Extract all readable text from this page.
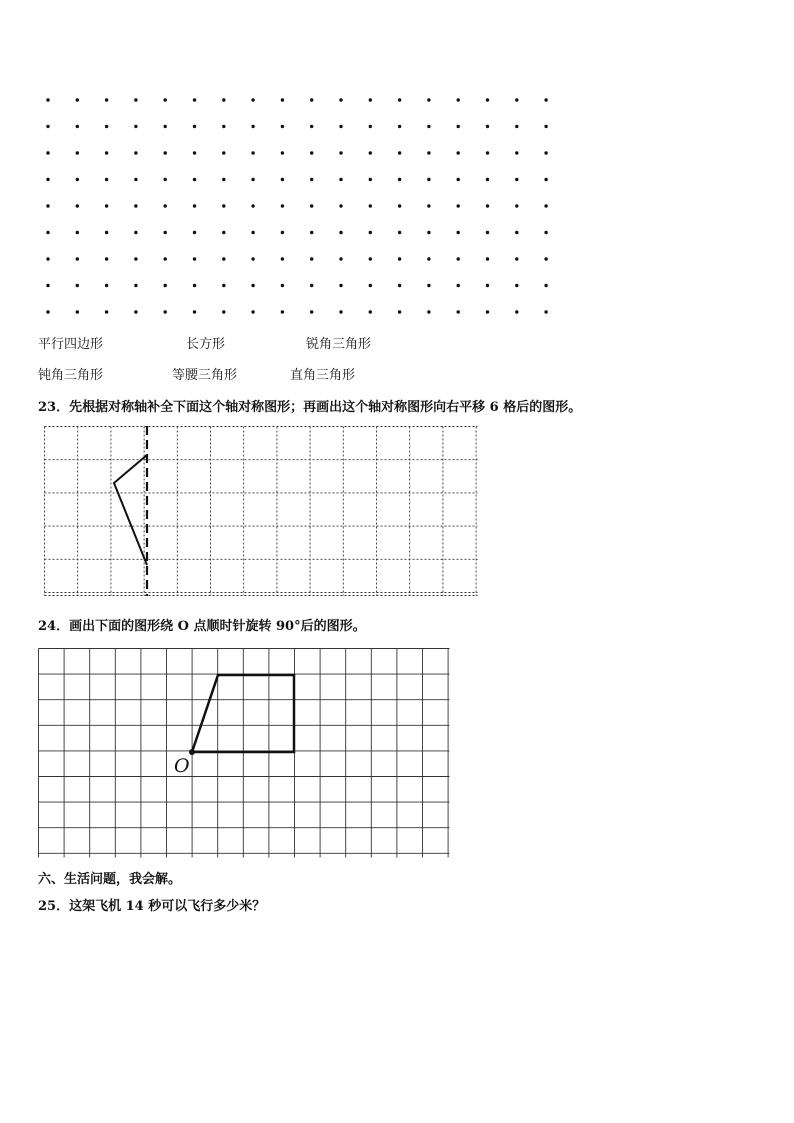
平行四边形	长方形	锐角三角形
钝角三角形	等腰三角形	直角三角形
23．先根据对称轴补全下面这个轴对称图形；再画出这个轴对称图形向右平移 6 格后的图形。
24．画出下面的图形绕 O 点顺时针旋转 90°后的图形。
O
六、生活问题，我会解。
25．这架飞机 14 秒可以飞行多少米？
